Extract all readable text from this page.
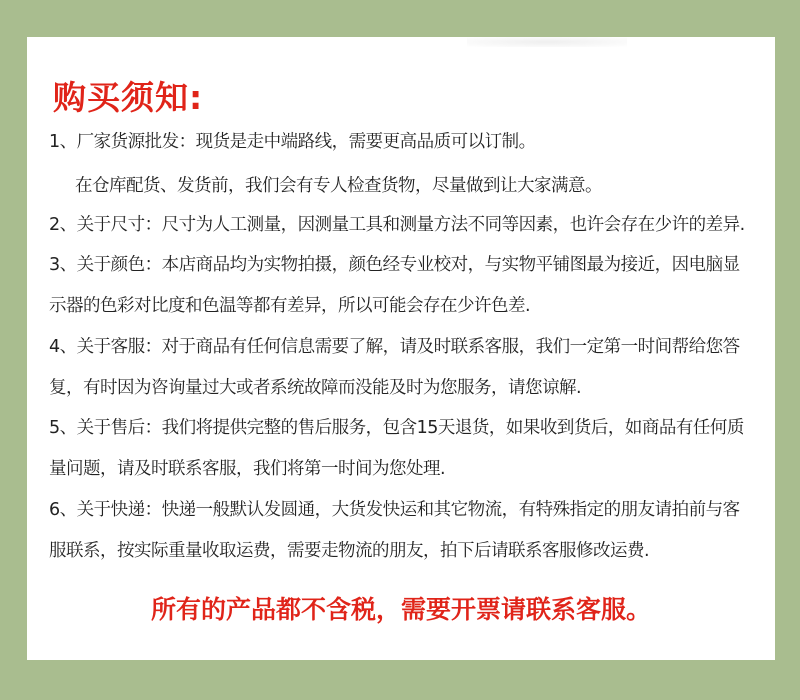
购买须知:
1、厂家货源批发：现货是走中端路线，需要更高品质可以订制。
在仓库配货、发货前，我们会有专人检查货物，尽量做到让大家满意。
2、关于尺寸：尺寸为人工测量，因测量工具和测量方法不同等因素，也许会存在少许的差异.
3、关于颜色：本店商品均为实物拍摄，颜色经专业校对，与实物平铺图最为接近，因电脑显
示器的色彩对比度和色温等都有差异，所以可能会存在少许色差.
4、关于客服：对于商品有任何信息需要了解，请及时联系客服，我们一定第一时间帮给您答
复，有时因为咨询量过大或者系统故障而没能及时为您服务，请您谅解.
5、关于售后：我们将提供完整的售后服务，包含15天退货，如果收到货后，如商品有任何质
量问题，请及时联系客服，我们将第一时间为您处理.
6、关于快递：快递一般默认发圆通，大货发快运和其它物流，有特殊指定的朋友请拍前与客
服联系，按实际重量收取运费，需要走物流的朋友，拍下后请联系客服修改运费.
所有的产品都不含税，需要开票请联系客服。
